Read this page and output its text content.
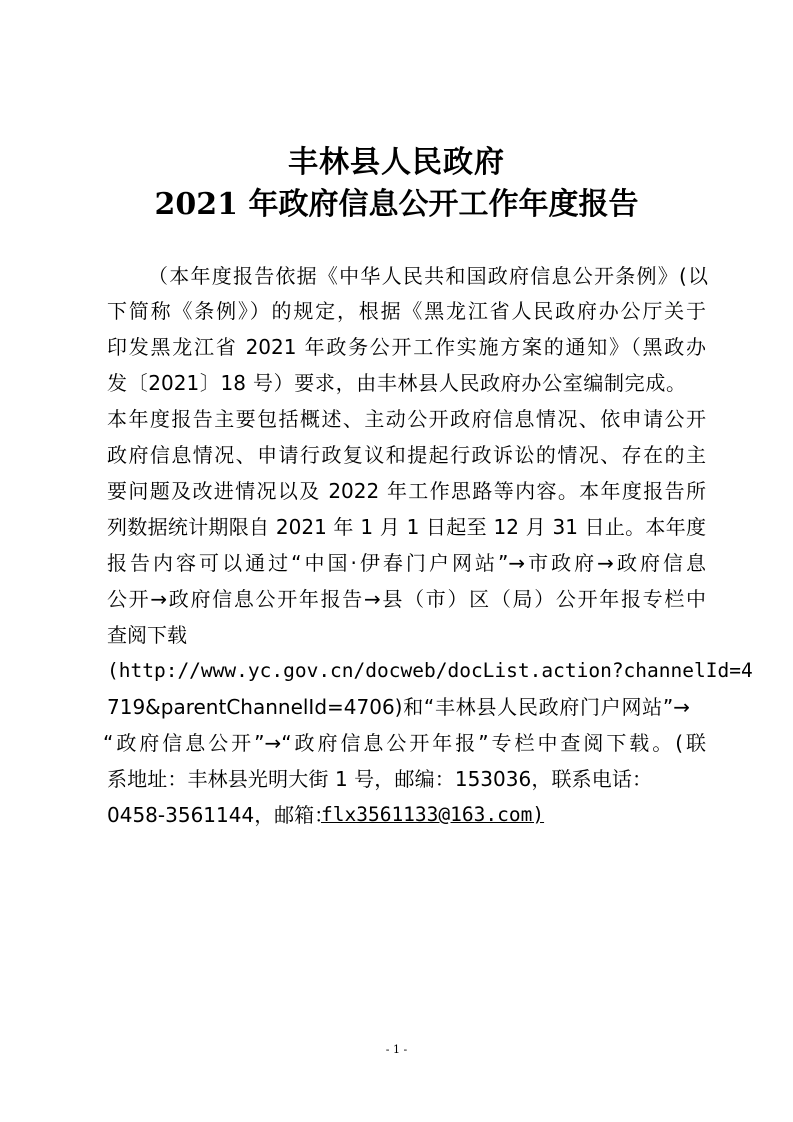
丰林县人民政府
2021 年政府信息公开工作年度报告
（本年度报告依据《中华人民共和国政府信息公开条例》(以
下简称《条例》）的规定，根据《黑龙江省人民政府办公厅关于
印发黑龙江省 2021 年政务公开工作实施方案的通知》（黑政办
发〔2021〕18 号）要求，由丰林县人民政府办公室编制完成。
本年度报告主要包括概述、主动公开政府信息情况、依申请公开
政府信息情况、申请行政复议和提起行政诉讼的情况、存在的主
要问题及改进情况以及 2022 年工作思路等内容。本年度报告所
列数据统计期限自 2021 年 1 月 1 日起至 12 月 31 日止。本年度
报告内容可以通过“中国·伊春门户网站”→市政府→政府信息
公开→政府信息公开年报告→县（市）区（局）公开年报专栏中
查阅下载
(http://www.yc.gov.cn/docweb/docList.action?channelId=4
719&parentChannelId=4706)和“丰林县人民政府门户网站”→
“政府信息公开”→“政府信息公开年报”专栏中查阅下载。(联
系地址：丰林县光明大街 1 号，邮编：153036，联系电话：
0458-3561144，邮箱：
flx3561133@163.com)
- 1 -
